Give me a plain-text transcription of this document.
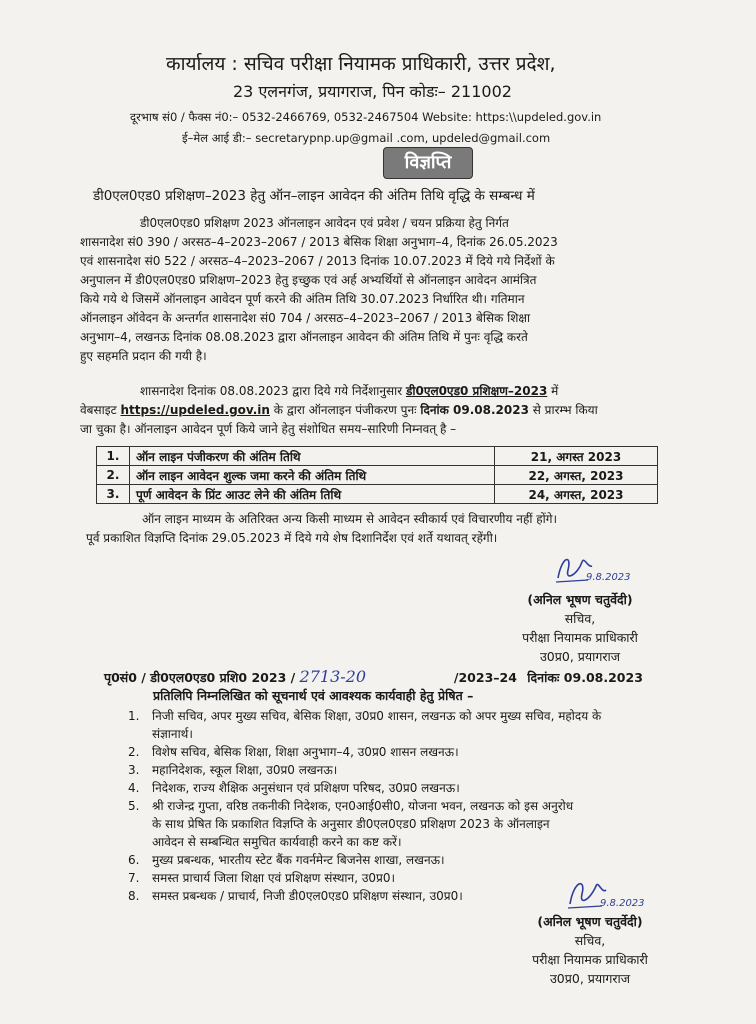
कार्यालय : सचिव परीक्षा नियामक प्राधिकारी, उत्तर प्रदेश,
23 एलनगंज, प्रयागराज, पिन कोडः– 211002
दूरभाष सं0 / फैक्स नं0:– 0532-2466769, 0532-2467504 Website: https:\\updeled.gov.in
ई–मेल आई डी:– secretarypnp.up@gmail .com, updeled@gmail.com
विज्ञप्ति
डी0एल0एड0 प्रशिक्षण–2023 हेतु ऑन–लाइन आवेदन की अंतिम तिथि वृद्धि के सम्बन्ध में
डी0एल0एड0 प्रशिक्षण 2023 ऑनलाइन आवेदन एवं प्रवेश / चयन प्रक्रिया हेतु निर्गत
शासनादेश सं0 390 / अरसठ–4–2023–2067 / 2013 बेसिक शिक्षा अनुभाग–4, दिनांक 26.05.2023
एवं शासनादेश सं0 522 / अरसठ–4–2023–2067 / 2013 दिनांक 10.07.2023 में दिये गये निर्देशों के
अनुपालन में डी0एल0एड0 प्रशिक्षण–2023 हेतु इच्छुक एवं अर्ह अभ्यर्थियों से ऑनलाइन आवेदन आमंत्रित
किये गये थे जिसमें ऑनलाइन आवेदन पूर्ण करने की अंतिम तिथि 30.07.2023 निर्धारित थी। गतिमान
ऑनलाइन ऑवेदन के अन्तर्गत शासनादेश सं0 704 / अरसठ–4–2023–2067 / 2013 बेसिक शिक्षा
अनुभाग–4, लखनऊ दिनांक 08.08.2023 द्वारा ऑनलाइन आवेदन की अंतिम तिथि में पुनः वृद्धि करते
हुए सहमति प्रदान की गयी है।
शासनादेश दिनांक 08.08.2023 द्वारा दिये गये निर्देशानुसार डी0एल0एड0 प्रशिक्षण–2023 में
वेबसाइट https://updeled.gov.in के द्वारा ऑनलाइन पंजीकरण पुनः दिनांक 09.08.2023 से प्रारम्भ किया
जा चुका है। ऑनलाइन आवेदन पूर्ण किये जाने हेतु संशोधित समय–सारिणी निम्नवत् है –
1.	ऑन लाइन पंजीकरण की अंतिम तिथि	21, अगस्त 2023
2.	ऑन लाइन आवेदन शुल्क जमा करने की अंतिम तिथि	22, अगस्त, 2023
3.	पूर्ण आवेदन के प्रिंट आउट लेने की अंतिम तिथि	24, अगस्त, 2023
ऑन लाइन माध्यम के अतिरिक्त अन्य किसी माध्यम से आवेदन स्वीकार्य एवं विचारणीय नहीं होंगे।
पूर्व प्रकाशित विज्ञप्ति दिनांक 29.05.2023 में दिये गये शेष दिशानिर्देश एवं शर्ते यथावत् रहेंगी।
9.8.2023
(अनिल भूषण चतुर्वेदी)
सचिव,
परीक्षा नियामक प्राधिकारी
उ0प्र0, प्रयागराज
पृ0सं0 / डी0एल0एड0 प्रशि0 2023 / 2713-20	/2023–24 दिनांकः 09.08.2023
प्रतिलिपि निम्नलिखित को सूचनार्थ एवं आवश्यक कार्यवाही हेतु प्रेषित –
1. निजी सचिव, अपर मुख्य सचिव, बेसिक शिक्षा, उ0प्र0 शासन, लखनऊ को अपर मुख्य सचिव, महोदय के
संज्ञानार्थ।
2. विशेष सचिव, बेसिक शिक्षा, शिक्षा अनुभाग–4, उ0प्र0 शासन लखनऊ।
3. महानिदेशक, स्कूल शिक्षा, उ0प्र0 लखनऊ।
4. निदेशक, राज्य शैक्षिक अनुसंधान एवं प्रशिक्षण परिषद, उ0प्र0 लखनऊ।
5. श्री राजेन्द्र गुप्ता, वरिष्ठ तकनीकी निदेशक, एन0आई0सी0, योजना भवन, लखनऊ को इस अनुरोध
के साथ प्रेषित कि प्रकाशित विज्ञप्ति के अनुसार डी0एल0एड0 प्रशिक्षण 2023 के ऑनलाइन
आवेदन से सम्बन्धित समुचित कार्यवाही करने का कष्ट करें।
6. मुख्य प्रबन्धक, भारतीय स्टेट बैंक गवर्नमेन्ट बिजनेस शाखा, लखनऊ।
7. समस्त प्राचार्य जिला शिक्षा एवं प्रशिक्षण संस्थान, उ0प्र0।
8. समस्त प्रबन्धक / प्राचार्य, निजी डी0एल0एड0 प्रशिक्षण संस्थान, उ0प्र0।
9.8.2023
(अनिल भूषण चतुर्वेदी)
सचिव,
परीक्षा नियामक प्राधिकारी
उ0प्र0, प्रयागराज
